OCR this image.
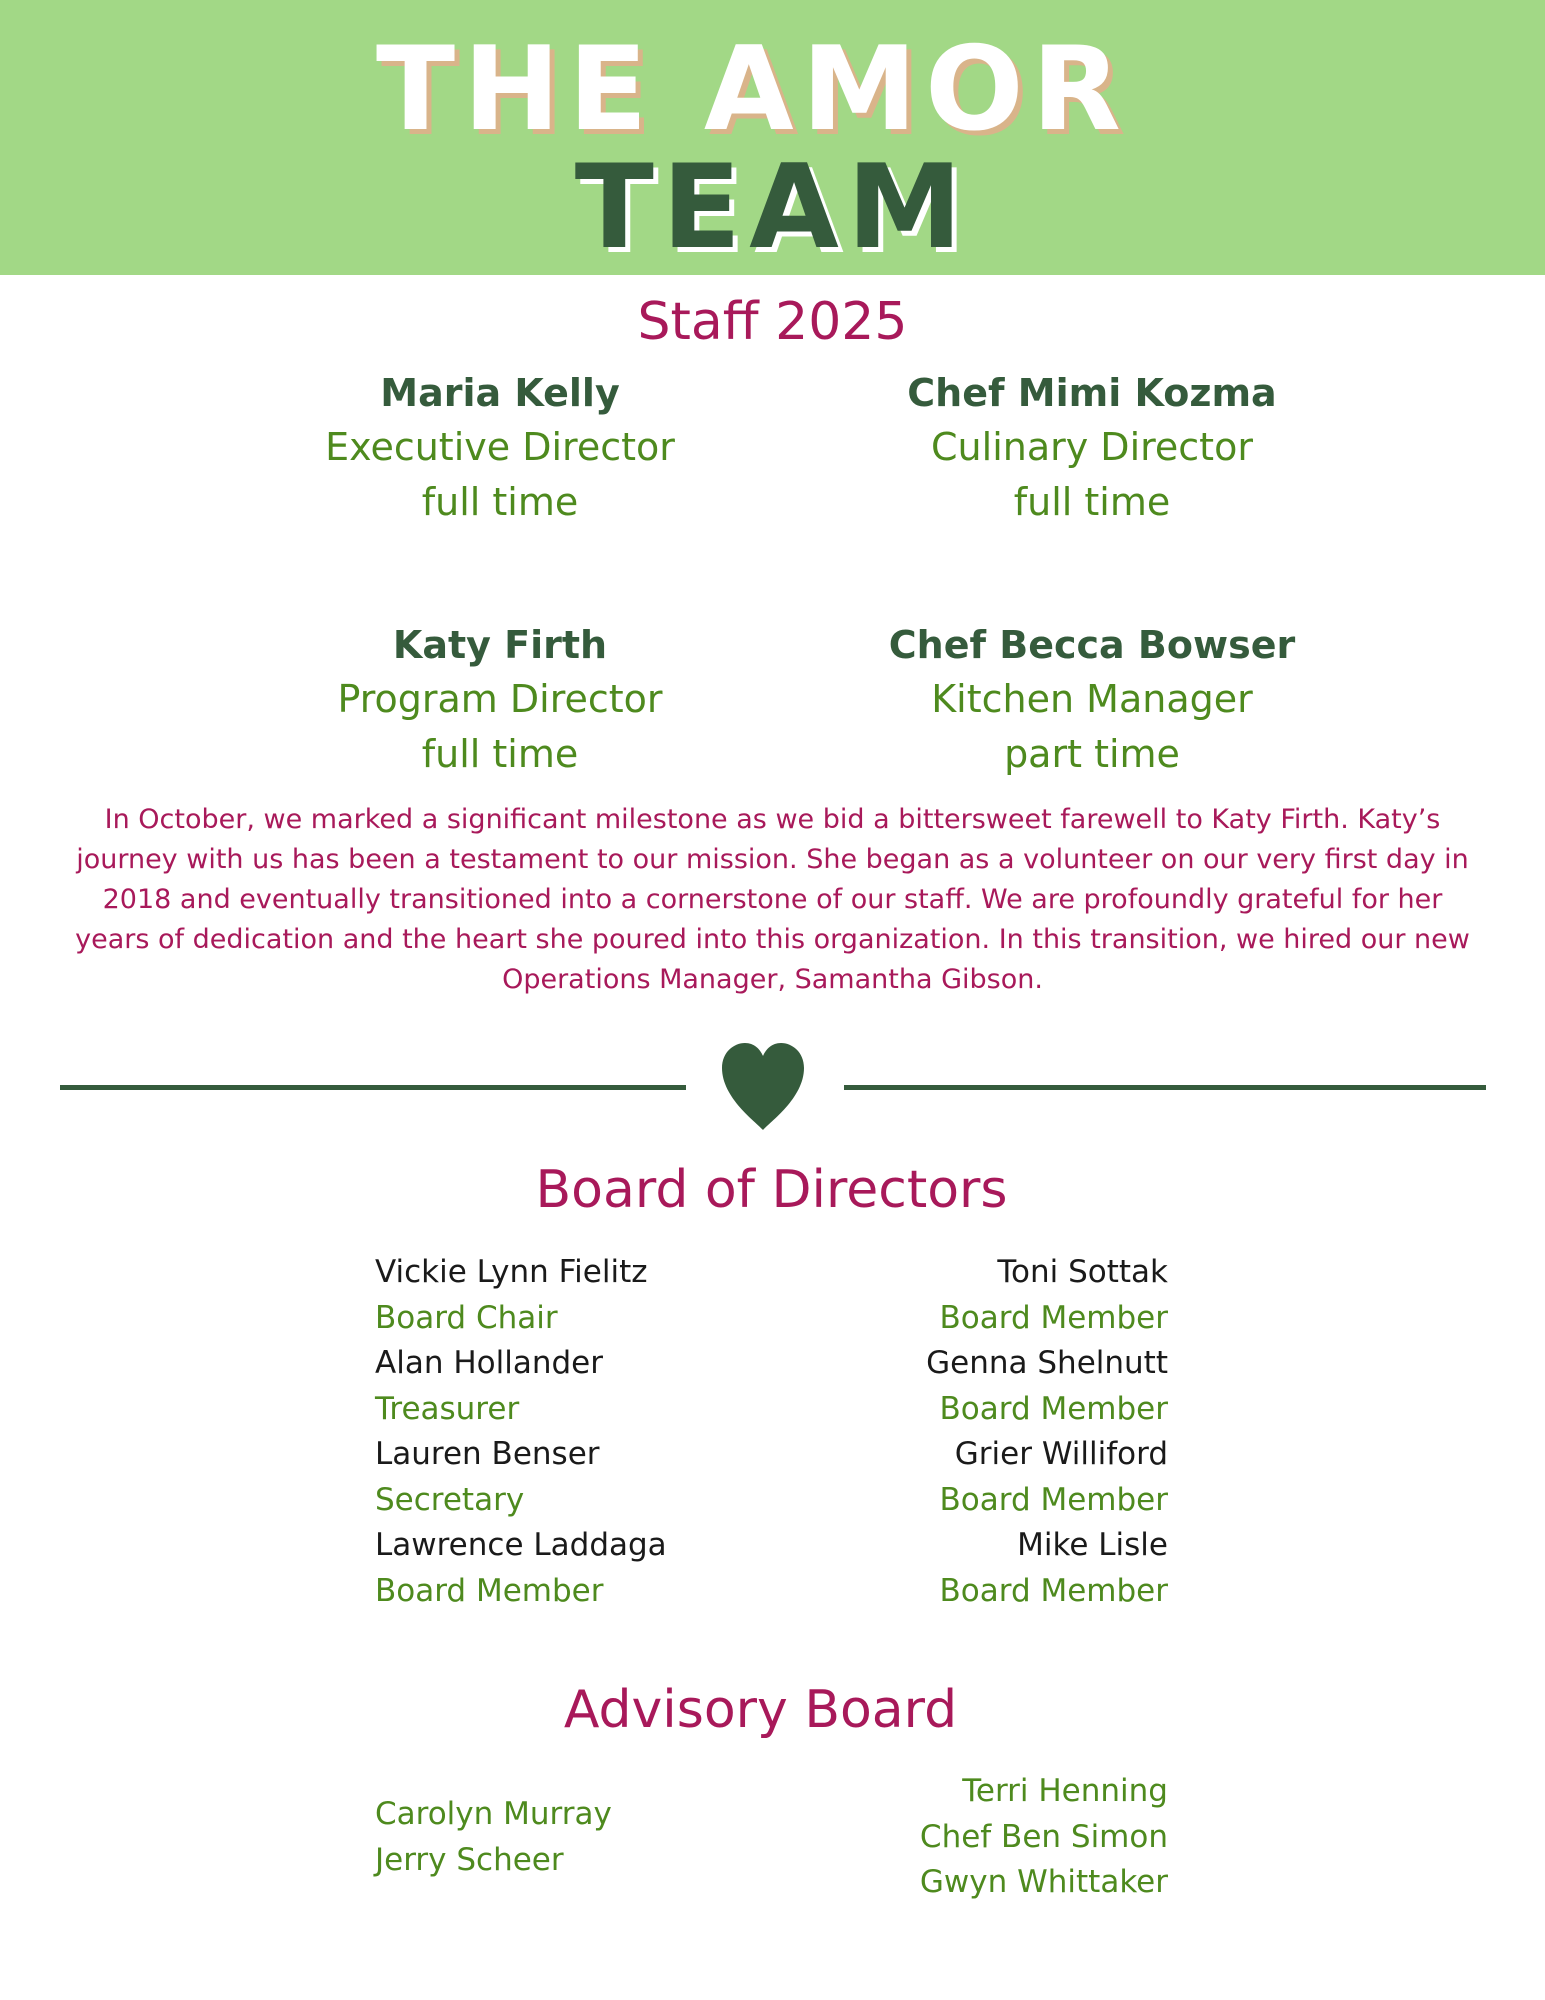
THE AMOR
TEAM
Staff 2025
Maria Kelly
Executive Director
full time
Katy Firth
Program Director
full time
Chef Mimi Kozma
Culinary Director
full time
Chef Becca Bowser
Kitchen Manager
part time
In October, we marked a significant milestone as we bid a bittersweet farewell to Katy Firth. Katy’s journey with us has been a testament to our mission. She began as a volunteer on our very first day in 2018 and eventually transitioned into a cornerstone of our staff. We are profoundly grateful for her years of dedication and the heart she poured into this organization. In this transition, we hired our new Operations Manager, Samantha Gibson.
Board of Directors
Vickie Lynn Fielitz
Board Chair
Alan Hollander
Treasurer
Lauren Benser
Secretary
Lawrence Laddaga
Board Member
Toni Sottak
Board Member
Genna Shelnutt
Board Member
Grier Williford
Board Member
Mike Lisle
Board Member
Advisory Board
Carolyn Murray
Jerry Scheer
Terri Henning
Chef Ben Simon
Gwyn Whittaker
